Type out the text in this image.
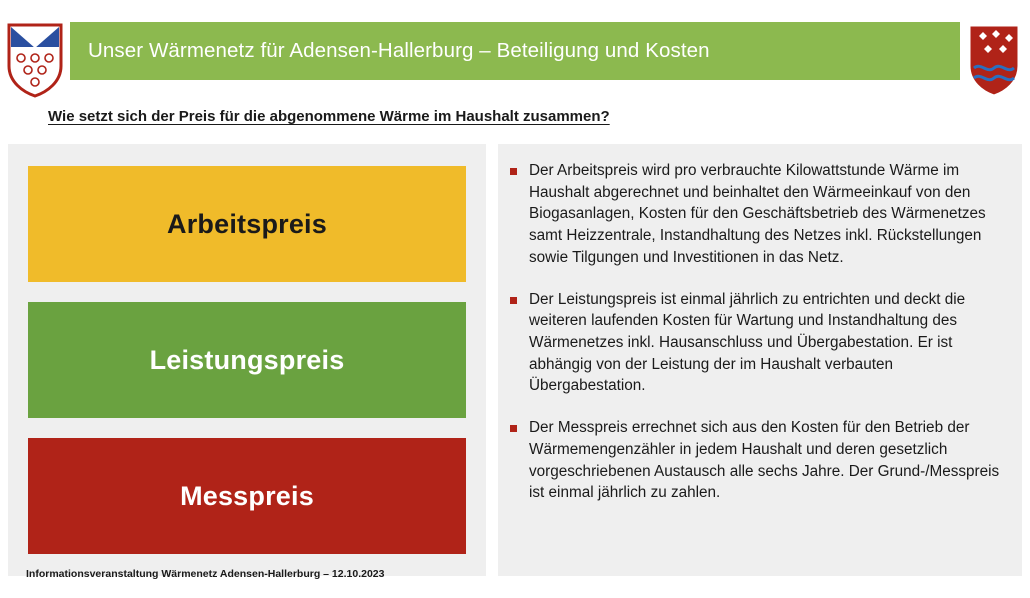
Unser Wärmenetz für Adensen-Hallerburg – Beteiligung und Kosten
Wie setzt sich der Preis für die abgenommene Wärme im Haushalt zusammen?
Arbeitspreis
Leistungspreis
Messpreis
Der Arbeitspreis wird pro verbrauchte Kilowattstunde Wärme im Haushalt abgerechnet und beinhaltet den Wärmeeinkauf von den Biogasanlagen, Kosten für den Geschäftsbetrieb des Wärmenetzes samt Heizzentrale, Instandhaltung des Netzes inkl. Rückstellungen sowie Tilgungen und Investitionen in das Netz.
Der Leistungspreis ist einmal jährlich zu entrichten und deckt die weiteren laufenden Kosten für Wartung und Instandhaltung des Wärmenetzes inkl. Hausanschluss und Übergabestation. Er ist abhängig von der Leistung der im Haushalt verbauten Übergabestation.
Der Messpreis errechnet sich aus den Kosten für den Betrieb der Wärmemengenzähler in jedem Haushalt und deren gesetzlich vorgeschriebenen Austausch alle sechs Jahre. Der Grund-/Messpreis ist einmal jährlich zu zahlen.
Informationsveranstaltung Wärmenetz Adensen-Hallerburg – 12.10.2023
